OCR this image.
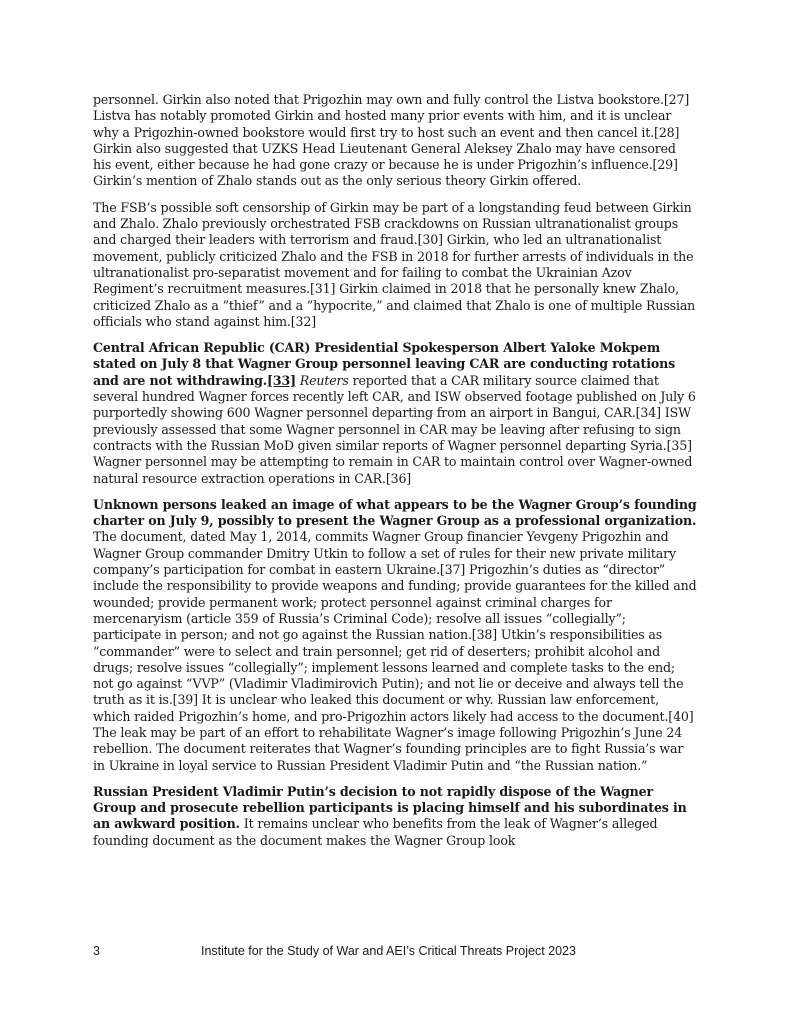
personnel. Girkin also noted that Prigozhin may own and fully control the Listva bookstore.[27] Listva has notably promoted Girkin and hosted many prior events with him, and it is unclear why a Prigozhin-owned bookstore would first try to host such an event and then cancel it.[28] Girkin also suggested that UZKS Head Lieutenant General Aleksey Zhalo may have censored his event, either because he had gone crazy or because he is under Prigozhin’s influence.[29] Girkin’s mention of Zhalo stands out as the only serious theory Girkin offered.

The FSB’s possible soft censorship of Girkin may be part of a longstanding feud between Girkin and Zhalo. Zhalo previously orchestrated FSB crackdowns on Russian ultranationalist groups and charged their leaders with terrorism and fraud.[30] Girkin, who led an ultranationalist movement, publicly criticized Zhalo and the FSB in 2018 for further arrests of individuals in the ultranationalist pro-separatist movement and for failing to combat the Ukrainian Azov Regiment’s recruitment measures.[31] Girkin claimed in 2018 that he personally knew Zhalo, criticized Zhalo as a ”thief” and a ”hypocrite,” and claimed that Zhalo is one of multiple Russian officials who stand against him.[32]

Central African Republic (CAR) Presidential Spokesperson Albert Yaloke Mokpem stated on July 8 that Wagner Group personnel leaving CAR are conducting rotations and are not withdrawing.[33] Reuters reported that a CAR military source claimed that several hundred Wagner forces recently left CAR, and ISW observed footage published on July 6 purportedly showing 600 Wagner personnel departing from an airport in Bangui, CAR.[34] ISW previously assessed that some Wagner personnel in CAR may be leaving after refusing to sign contracts with the Russian MoD given similar reports of Wagner personnel departing Syria.[35] Wagner personnel may be attempting to remain in CAR to maintain control over Wagner-owned natural resource extraction operations in CAR.[36]

Unknown persons leaked an image of what appears to be the Wagner Group’s founding charter on July 9, possibly to present the Wagner Group as a professional organization. The document, dated May 1, 2014, commits Wagner Group financier Yevgeny Prigozhin and Wagner Group commander Dmitry Utkin to follow a set of rules for their new private military company’s participation for combat in eastern Ukraine.[37] Prigozhin’s duties as “director” include the responsibility to provide weapons and funding; provide guarantees for the killed and wounded; provide permanent work; protect personnel against criminal charges for mercenaryism (article 359 of Russia’s Criminal Code); resolve all issues “collegially”; participate in person; and not go against the Russian nation.[38] Utkin’s responsibilities as “commander” were to select and train personnel; get rid of deserters; prohibit alcohol and drugs; resolve issues “collegially”; implement lessons learned and complete tasks to the end; not go against “VVP” (Vladimir Vladimirovich Putin); and not lie or deceive and always tell the truth as it is.[39] It is unclear who leaked this document or why. Russian law enforcement, which raided Prigozhin’s home, and pro-Prigozhin actors likely had access to the document.[40] The leak may be part of an effort to rehabilitate Wagner’s image following Prigozhin’s June 24 rebellion. The document reiterates that Wagner’s founding principles are to fight Russia’s war in Ukraine in loyal service to Russian President Vladimir Putin and “the Russian nation.”

Russian President Vladimir Putin’s decision to not rapidly dispose of the Wagner Group and prosecute rebellion participants is placing himself and his subordinates in an awkward position. It remains unclear who benefits from the leak of Wagner’s alleged founding document as the document makes the Wagner Group look

3	Institute for the Study of War and AEI’s Critical Threats Project 2023
